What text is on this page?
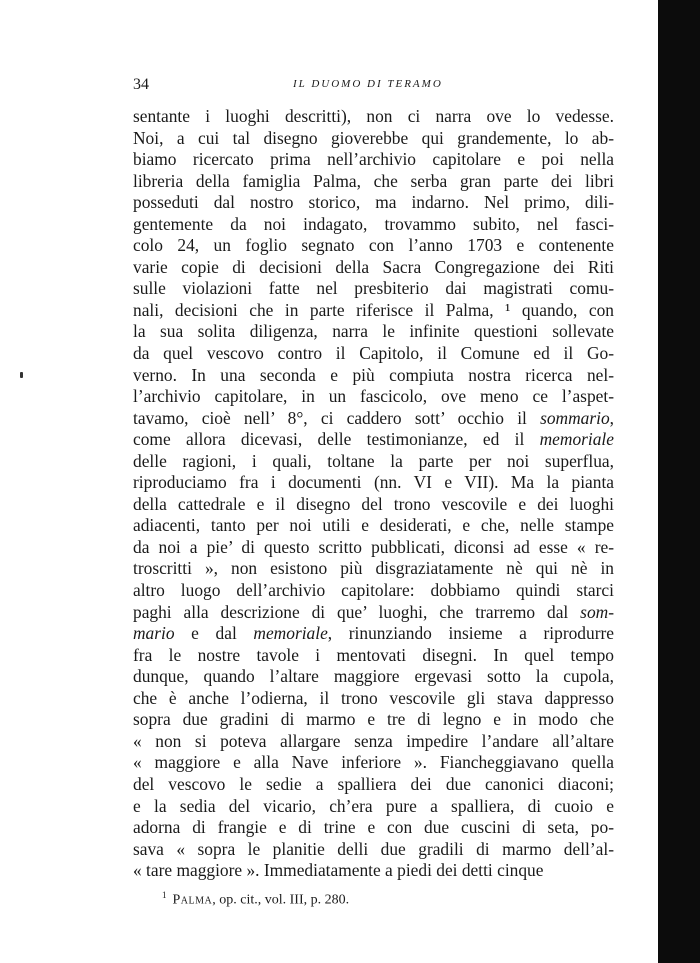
34	IL DUOMO DI TERAMO
sentante i luoghi descritti), non ci narra ove lo vedesse.
Noi, a cui tal disegno gioverebbe qui grandemente, lo ab-
biamo ricercato prima nell’archivio capitolare e poi nella
libreria della famiglia Palma, che serba gran parte dei libri
posseduti dal nostro storico, ma indarno. Nel primo, dili-
gentemente da noi indagato, trovammo subito, nel fasci-
colo 24, un foglio segnato con l’anno 1703 e contenente
varie copie di decisioni della Sacra Congregazione dei Riti
sulle violazioni fatte nel presbiterio dai magistrati comu-
nali, decisioni che in parte riferisce il Palma, ¹ quando, con
la sua solita diligenza, narra le infinite questioni sollevate
da quel vescovo contro il Capitolo, il Comune ed il Go-
verno. In una seconda e più compiuta nostra ricerca nel-
l’archivio capitolare, in un fascicolo, ove meno ce l’aspet-
tavamo, cioè nell’ 8°, ci caddero sott’ occhio il sommario,
come allora dicevasi, delle testimonianze, ed il memoriale
delle ragioni, i quali, toltane la parte per noi superflua,
riproduciamo fra i documenti (nn. VI e VII). Ma la pianta
della cattedrale e il disegno del trono vescovile e dei luoghi
adiacenti, tanto per noi utili e desiderati, e che, nelle stampe
da noi a pie’ di questo scritto pubblicati, diconsi ad esse « re-
troscritti », non esistono più disgraziatamente nè qui nè in
altro luogo dell’archivio capitolare: dobbiamo quindi starci
paghi alla descrizione di que’ luoghi, che trarremo dal som-
mario e dal memoriale, rinunziando insieme a riprodurre
fra le nostre tavole i mentovati disegni. In quel tempo
dunque, quando l’altare maggiore ergevasi sotto la cupola,
che è anche l’odierna, il trono vescovile gli stava dappresso
sopra due gradini di marmo e tre di legno e in modo che
« non si poteva allargare senza impedire l’andare all’altare
« maggiore e alla Nave inferiore ». Fiancheggiavano quella
del vescovo le sedie a spalliera dei due canonici diaconi;
e la sedia del vicario, ch’era pure a spalliera, di cuoio e
adorna di frangie e di trine e con due cuscini di seta, po-
sava « sopra le planitie delli due gradili di marmo dell’al-
« tare maggiore ». Immediatamente a piedi dei detti cinque
$^1$ Palma, op. cit., vol. III, p. 280.
